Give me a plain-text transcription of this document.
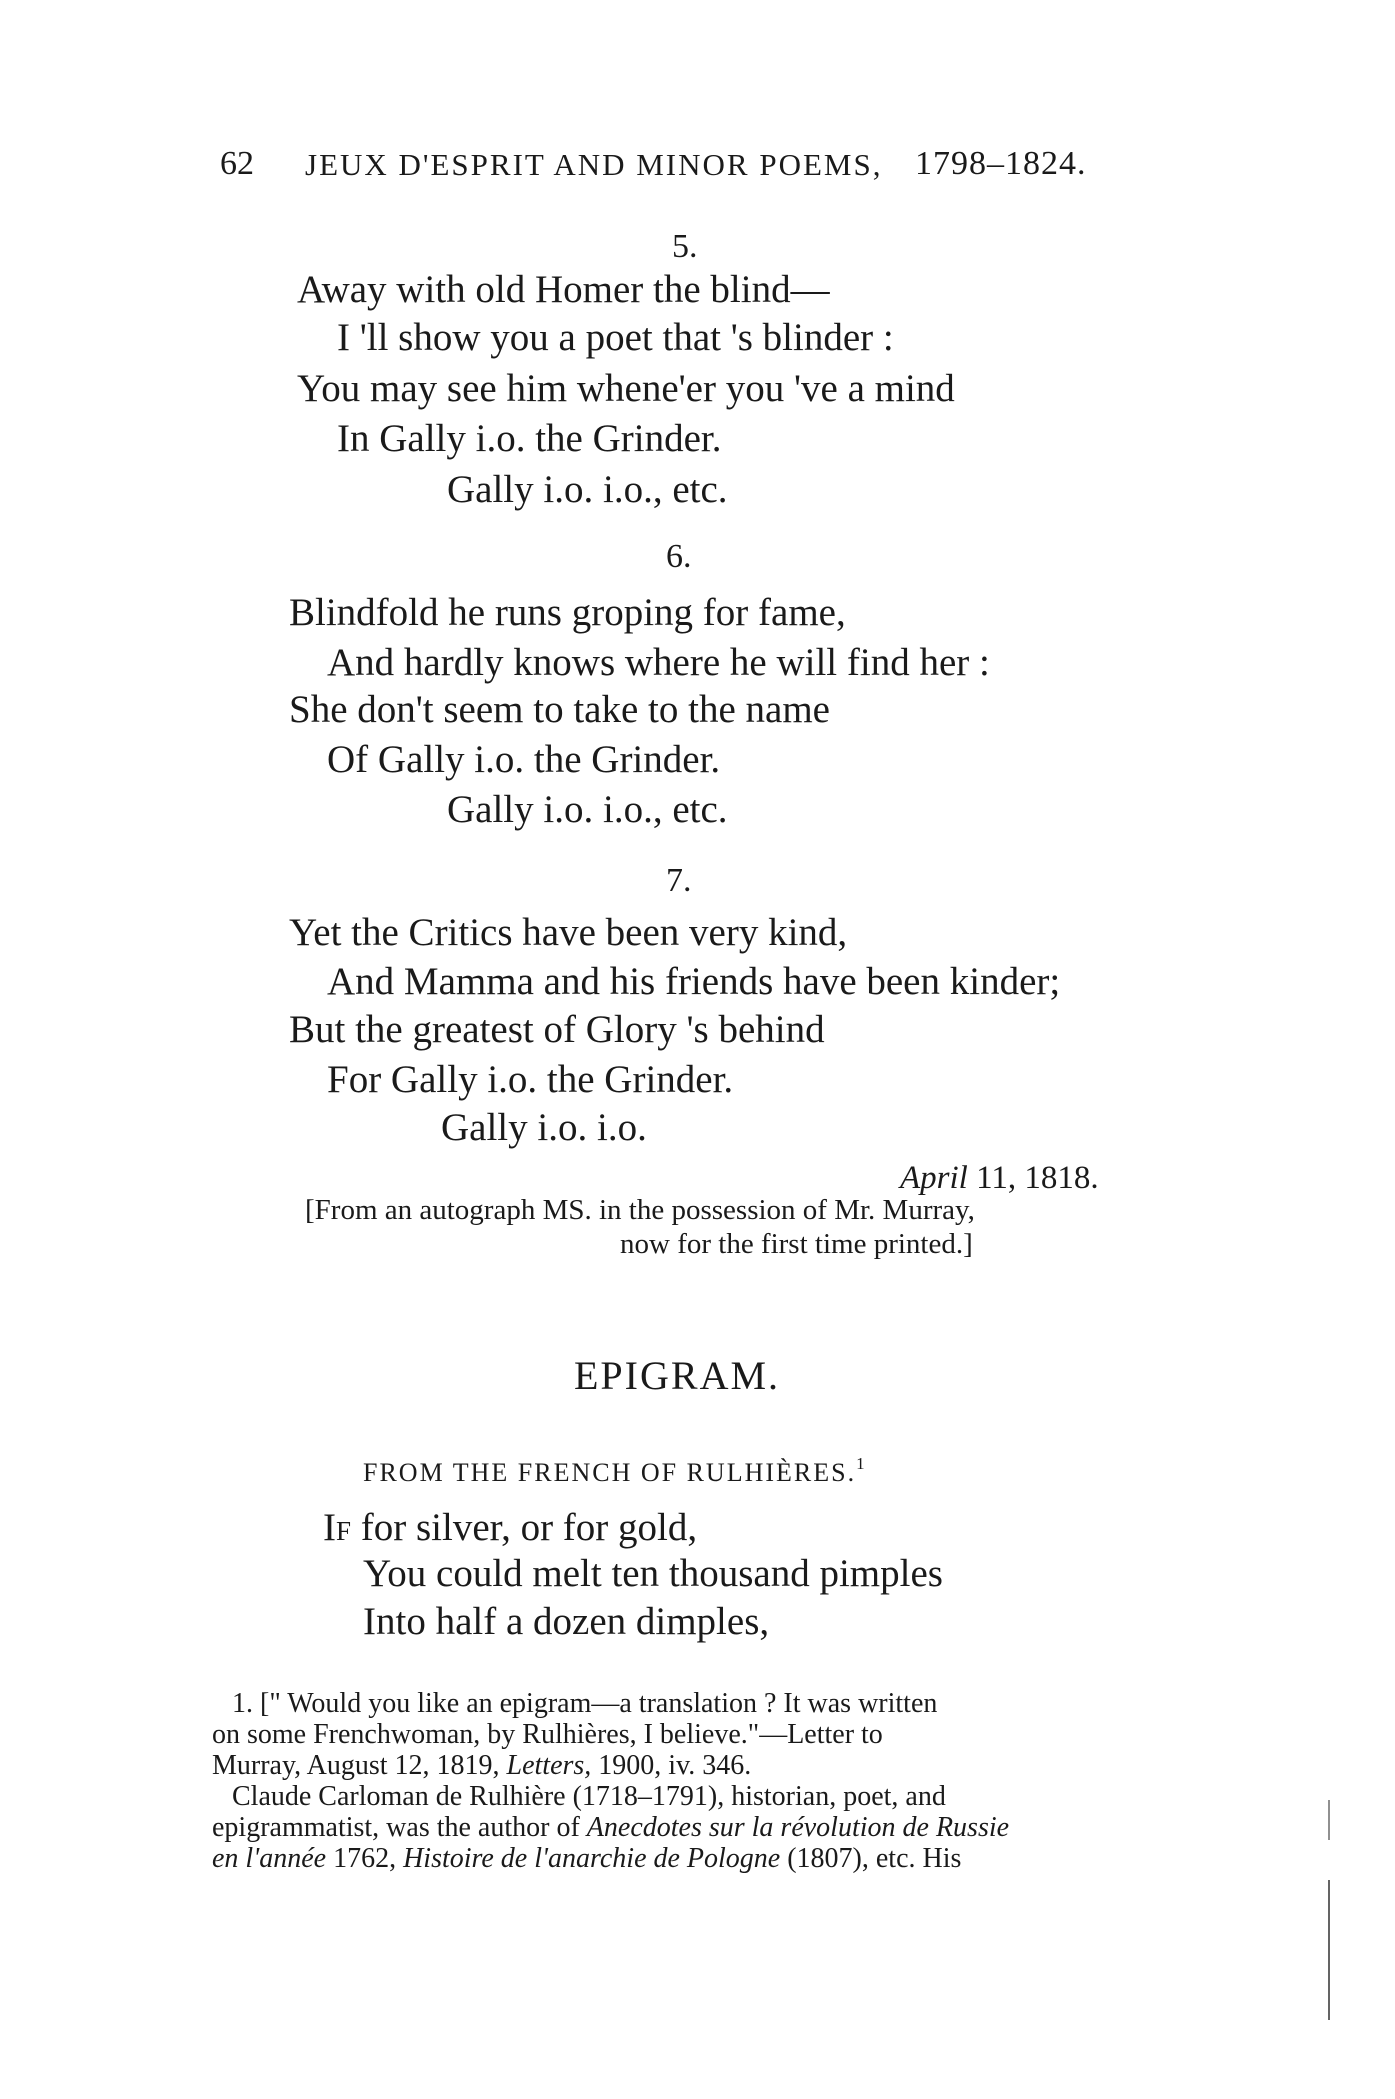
62 JEUX D'ESPRIT AND MINOR POEMS, 1798–1824.
5.
Away with old Homer the blind—
I 'll show you a poet that 's blinder :
You may see him whene'er you 've a mind
In Gally i.o. the Grinder.
Gally i.o. i.o., etc.
6.
Blindfold he runs groping for fame,
And hardly knows where he will find her :
She don't seem to take to the name
Of Gally i.o. the Grinder.
Gally i.o. i.o., etc.
7.
Yet the Critics have been very kind,
And Mamma and his friends have been kinder;
But the greatest of Glory 's behind
For Gally i.o. the Grinder.
Gally i.o. i.o.
April 11, 1818.
[From an autograph MS. in the possession of Mr. Murray,
now for the first time printed.]
EPIGRAM.
FROM THE FRENCH OF RULHIÈRES.$^1$
If for silver, or for gold,
You could melt ten thousand pimples
Into half a dozen dimples,
1. [" Would you like an epigram—a translation ? It was written
on some Frenchwoman, by Rulhières, I believe."—Letter to
Murray, August 12, 1819, Letters, 1900, iv. 346.
Claude Carloman de Rulhière (1718–1791), historian, poet, and
epigrammatist, was the author of Anecdotes sur la révolution de Russie
en l'année 1762, Histoire de l'anarchie de Pologne (1807), etc. His
